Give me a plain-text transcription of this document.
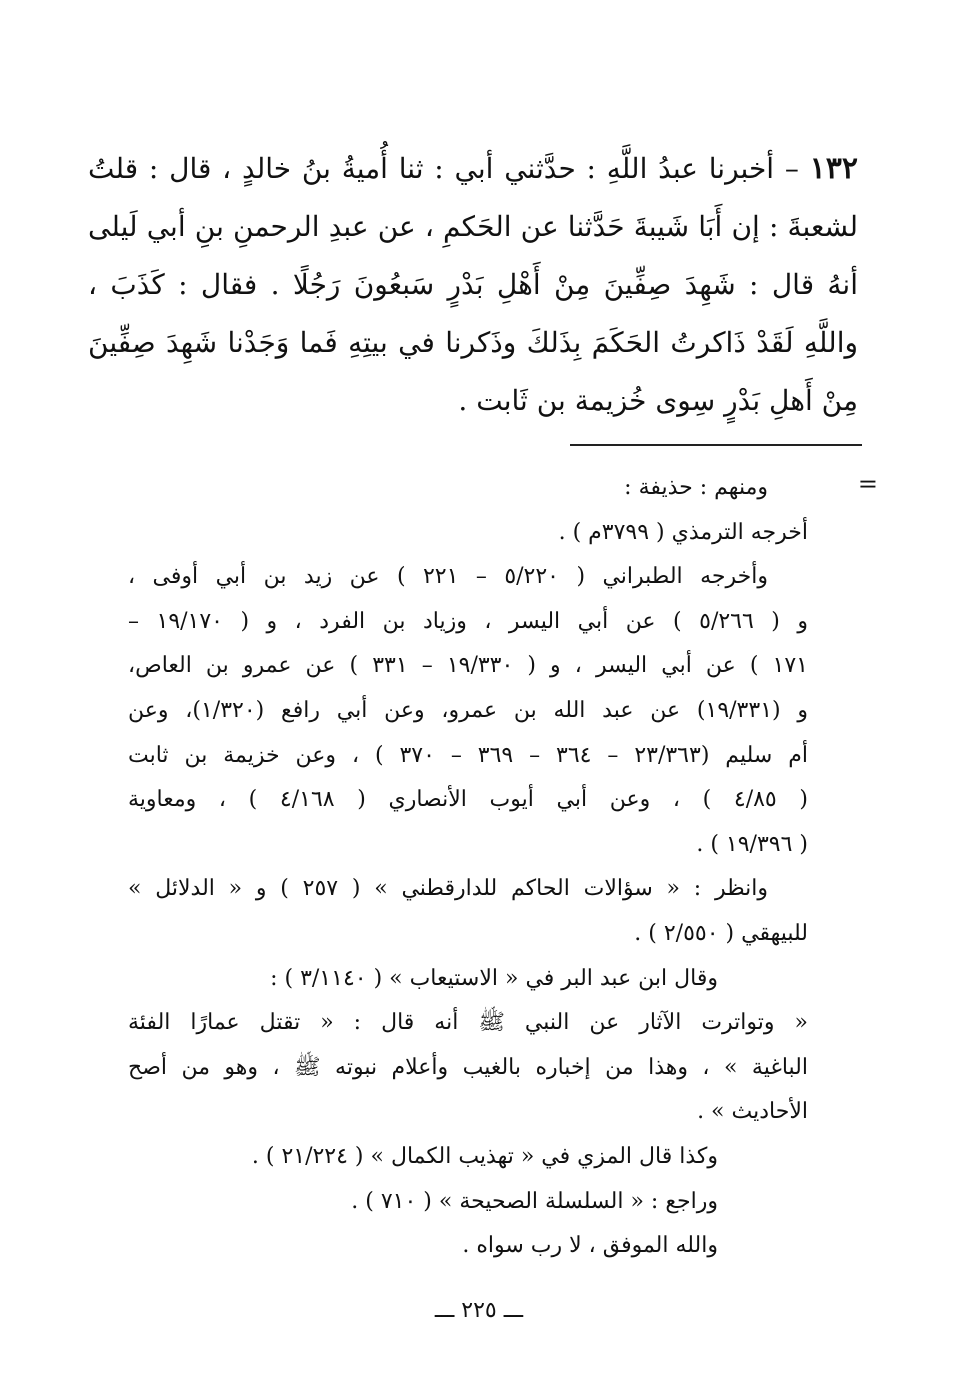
١٣٢ – أخبرنا عبدُ اللَّهِ : حدَّثني أبي : ثنا أُميةُ بنُ خالدٍ ، قال : قلتُ لشعبةَ : إن أَبَا شَيبةَ حَدَّثنا عن الحَكمِ ، عن عبدِ الرحمنِ بنِ أبي لَيلى أنهُ قال : شَهِدَ صِفِّينَ مِنْ أَهْلِ بَدْرٍ سَبعُونَ رَجُلًا . فقال : كَذَبَ ، واللَّهِ لَقَدْ ذَاكرتُ الحَكَمَ بِذَلكَ وذَكرنا في بيتِهِ فَما وَجَدْنا شَهِدَ صِفِّينَ مِنْ أَهلِ بَدْرٍ سِوى خُزيمة بن ثَابت .
=
ومنهم : حذيفة :
أخرجه الترمذي ( ٣٧٩٩م ) .
وأخرجه الطبراني ( ٥/٢٢٠ – ٢٢١ ) عن زيد بن أبي أوفى ،
و ( ٥/٢٦٦ ) عن أبي اليسر ، وزياد بن الفرد ، و ( ١٩/١٧٠ –
١٧١ ) عن أبي اليسر ، و ( ١٩/٣٣٠ – ٣٣١ ) عن عمرو بن العاص،
و (١٩/٣٣١) عن عبد الله بن عمرو، وعن أبي رافع (١/٣٢٠)، وعن
أم سليم (٢٣/٣٦٣ – ٣٦٤ – ٣٦٩ – ٣٧٠ ) ، وعن خزيمة بن ثابت
( ٤/٨٥ ) ، وعن أبي أيوب الأنصاري ( ٤/١٦٨ ) ، ومعاوية
( ١٩/٣٩٦ ) .
وانظر : « سؤالات الحاكم للدارقطني » ( ٢٥٧ ) و « الدلائل »
للبيهقي ( ٢/٥٥٠ ) .
وقال ابن عبد البر في « الاستيعاب » ( ٣/١١٤٠ ) :
« وتواترت الآثار عن النبي ﷺ أنه قال : « تقتل عمارًا الفئة
الباغية » ، وهذا من إخباره بالغيب وأعلام نبوته ﷺ ، وهو من أصح
الأحاديث » .
وكذا قال المزي في « تهذيب الكمال » ( ٢١/٢٢٤ ) .
وراجع : « السلسلة الصحيحة » ( ٧١٠ ) .
والله الموفق ، لا رب سواه .
ـــ ٢٢٥ ـــ
